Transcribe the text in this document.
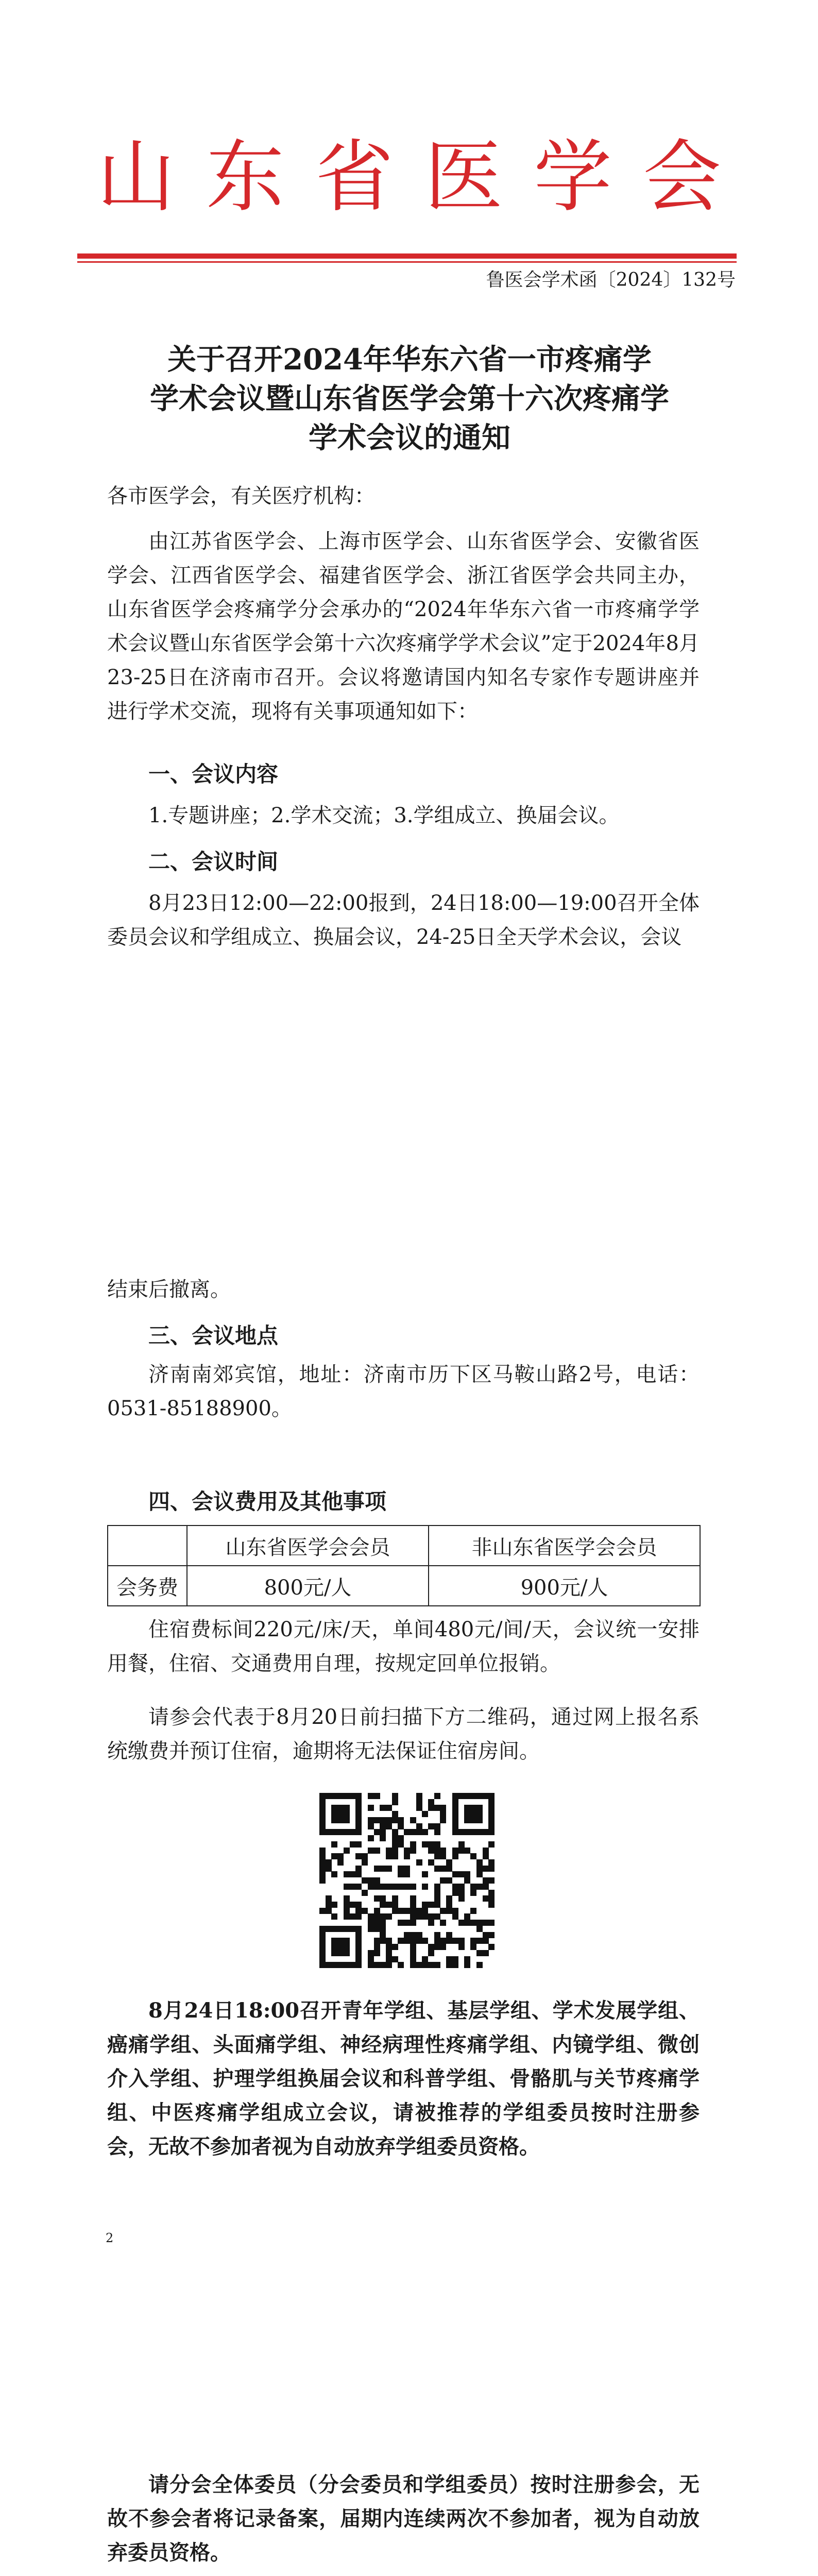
山东省医学会
鲁医会学术函〔2024〕132号
关于召开2024年华东六省一市疼痛学
学术会议暨山东省医学会第十六次疼痛学
学术会议的通知
各市医学会，有关医疗机构：
由江苏省医学会、上海市医学会、山东省医学会、安徽省医学会、江西省医学会、福建省医学会、浙江省医学会共同主办，山东省医学会疼痛学分会承办的“2024年华东六省一市疼痛学学术会议暨山东省医学会第十六次疼痛学学术会议”定于2024年8月23-25日在济南市召开。会议将邀请国内知名专家作专题讲座并进行学术交流，现将有关事项通知如下：
一、会议内容
1.专题讲座；2.学术交流；3.学组成立、换届会议。
二、会议时间
8月23日12:00—22:00报到，24日18:00—19:00召开全体委员会议和学组成立、换届会议，24-25日全天学术会议，会议
结束后撤离。
三、会议地点
济南南郊宾馆，地址：济南市历下区马鞍山路2号，电话：0531-85188900。
四、会议费用及其他事项
	山东省医学会会员	非山东省医学会会员
会务费	800元/人	900元/人
住宿费标间220元/床/天，单间480元/间/天，会议统一安排用餐，住宿、交通费用自理，按规定回单位报销。
请参会代表于8月20日前扫描下方二维码，通过网上报名系统缴费并预订住宿，逾期将无法保证住宿房间。
8月24日18:00召开青年学组、基层学组、学术发展学组、癌痛学组、头面痛学组、神经病理性疼痛学组、内镜学组、微创介入学组、护理学组换届会议和科普学组、骨骼肌与关节疼痛学组、中医疼痛学组成立会议，请被推荐的学组委员按时注册参会，无故不参加者视为自动放弃学组委员资格。
2
请分会全体委员（分会委员和学组委员）按时注册参会，无故不参会者将记录备案，届期内连续两次不参加者，视为自动放弃委员资格。
